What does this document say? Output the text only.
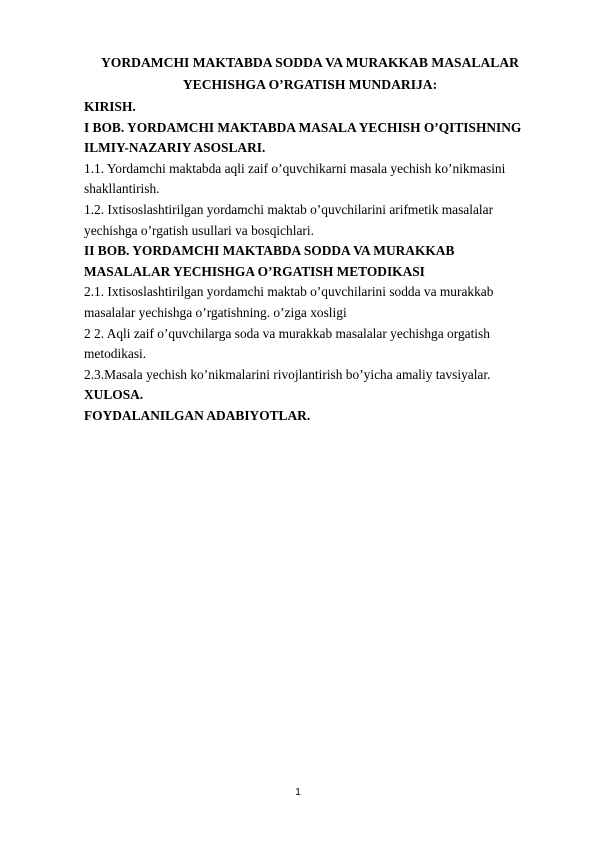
YORDAMCHI MAKTABDA SODDA VA MURAKKAB MASALALAR
YECHISHGA O’RGATISH MUNDARIJA:
KIRISH.
I BOB. YORDAMCHI MAKTABDA MASALA YECHISH O’QITISHNING
ILMIY-NAZARIY ASOSLARI.
1.1. Yordamchi maktabda aqli zaif o’quvchikarni masala yechish ko’nikmasini
shakllantirish.
1.2. Ixtisoslashtirilgan yordamchi maktab o’quvchilarini arifmetik masalalar
yechishga o’rgatish usullari va bosqichlari.
II BOB. YORDAMCHI MAKTABDA SODDA VA MURAKKAB
MASALALAR YECHISHGA O’RGATISH METODIKASI
2.1. Ixtisoslashtirilgan yordamchi maktab o’quvchilarini sodda va murakkab
masalalar yechishga o’rgatishning. o’ziga xosligi
2 2. Aqli zaif o’quvchilarga soda va murakkab masalalar yechishga orgatish
metodikasi.
2.3.Masala yechish ko’nikmalarini rivojlantirish bo’yicha amaliy tavsiyalar.
XULOSA.
FOYDALANILGAN ADABIYOTLAR.
1
